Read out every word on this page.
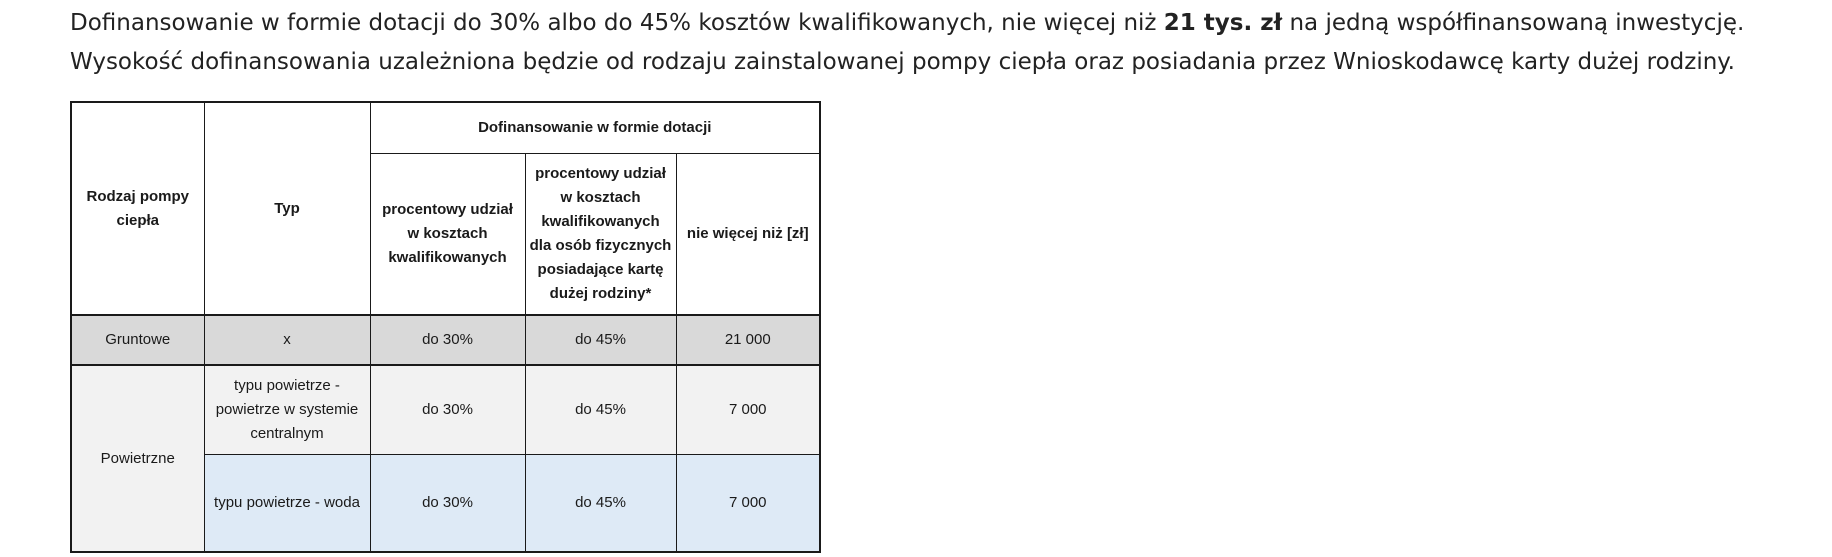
Dofinansowanie w formie dotacji do 30% albo do 45% kosztów kwalifikowanych, nie więcej niż 21 tys. zł na jedną współfinansowaną inwestycję. Wysokość dofinansowania uzależniona będzie od rodzaju zainstalowanej pompy ciepła oraz posiadania przez Wnioskodawcę karty dużej rodziny.

Rodzaj pompy ciepła	Typ	Dofinansowanie w formie dotacji		
		procentowy udział w kosztach kwalifikowanych	procentowy udział w kosztach kwalifikowanych dla osób fizycznych posiadające kartę dużej rodziny*	nie więcej niż [zł]
Gruntowe	x	do 30%	do 45%	21 000
Powietrzne	typu powietrze - powietrze w systemie centralnym	do 30%	do 45%	7 000
	typu powietrze - woda	do 30%	do 45%	7 000
